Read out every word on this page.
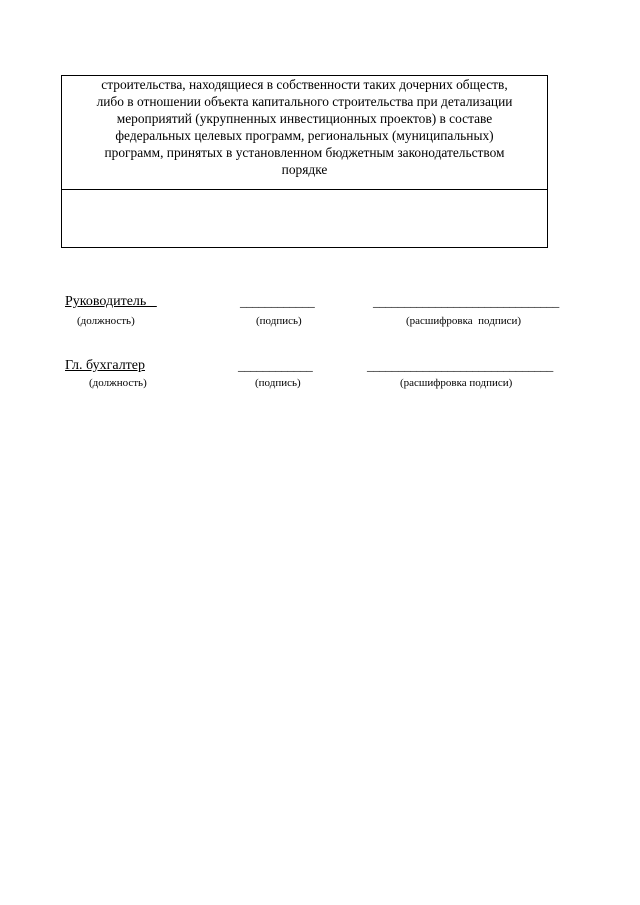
строительства, находящиеся в собственности таких дочерних обществ,
либо в отношении объекта капитального строительства при детализации
мероприятий (укрупненных инвестиционных проектов) в составе
федеральных целевых программ, региональных (муниципальных)
программ, принятых в установленном бюджетным законодательством
порядке

Руководитель	____________	______________________________
(должность)	(подпись)	(расшифровка  подписи)
Гл. бухгалтер	____________	______________________________
(должность)	(подпись)	(расшифровка подписи)
